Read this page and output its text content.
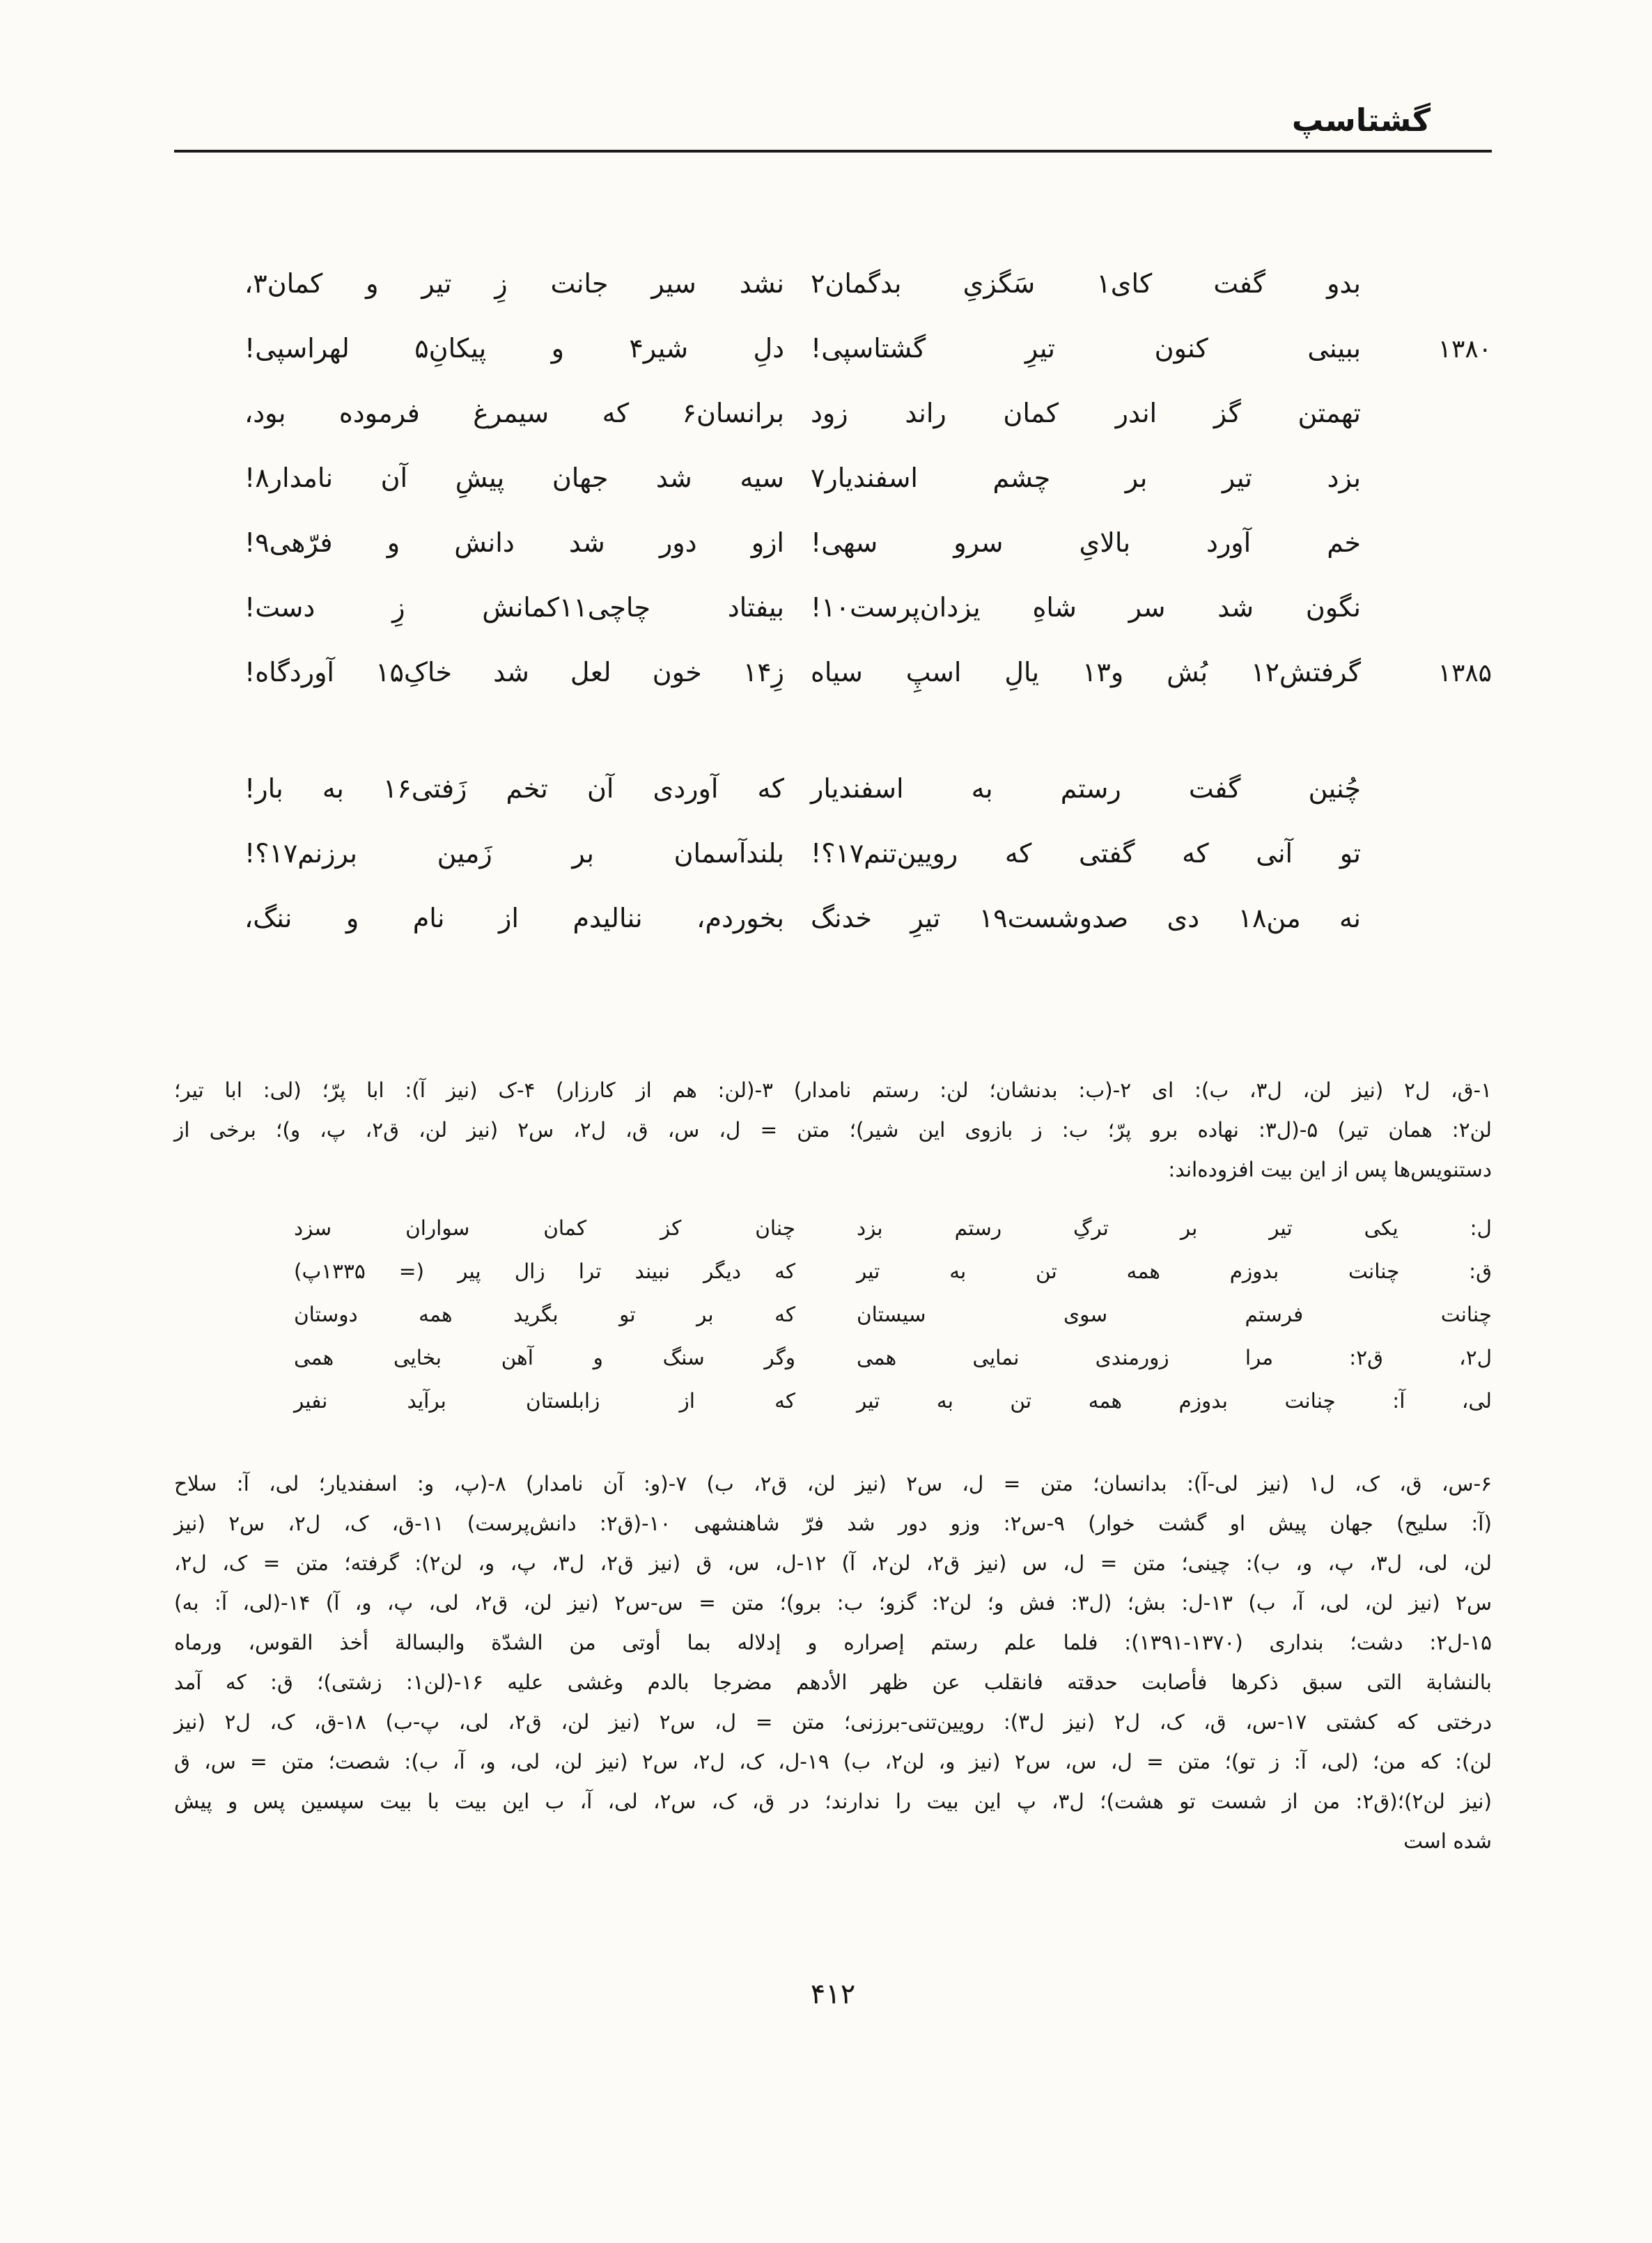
گشتاسپ
بدو گفت کای۱ سَگزیِ بدگمان۲
نشد سیر جانت زِ تیر و کمان۳،
۱۳۸۰
ببینی کنون تیرِ گشتاسپی!
دلِ شیر۴ و پیکانِ۵ لهراسپی!
تهمتن گز اندر کمان راند زود
برانسان۶ که سیمرغ فرموده بود،
بزد تیر بر چشم اسفندیار۷
سیه شد جهان پیشِ آن نامدار۸!
خم آورد بالایِ سرو سهی!
ازو دور شد دانش و فرّهی۹!
نگون شد سر شاهِ یزدان‌پرست۱۰!
بیفتاد چاچی۱۱کمانش زِ دست!
۱۳۸۵
گرفتش۱۲ بُش و۱۳ یالِ اسپِ سیاه
زِ۱۴ خون لعل شد خاکِ۱۵ آوردگاه!
چُنین گفت رستم به اسفندیار
که آوردی آن تخم زَفتی۱۶ به بار!
تو آنی که گفتی که رویین‌تنم۱۷؟!
بلندآسمان بر زَمین برزنم۱۷؟!
نه من۱۸ دی صدوشست۱۹ تیرِ خدنگ
بخوردم، ننالیدم از نام و ننگ،
۱-ق، ل۲ (نیز لن، ل۳، ب): ای ۲-(ب: بدنشان؛ لن: رستم نامدار) ۳-(لن: هم از کارزار) ۴-ک (نیز آ): ابا پرّ؛ (لی: ابا تیر؛
لن۲: همان تیر) ۵-(ل۳: نهاده برو پرّ؛ ب: ز بازوی این شیر)؛ متن = ل، س، ق، ل۲، س۲ (نیز لن، ق۲، پ، و)؛ برخی از
دستنویس‌ها پس از این بیت افزوده‌اند:
ل: یکی تیر بر ترگِ رستم بزد
چنان کز کمان سواران سزد
ق: چنانت بدوزم همه تن به تیر
که دیگر نبیند ترا زال پیر (= ۱۳۳۵پ)
چنانت فرستم سوی سیستان
که بر تو بگرید همه دوستان
ل۲، ق۲: مرا زورمندی نمایی همی
وگر سنگ و آهن بخایی همی
لی، آ: چنانت بدوزم همه تن به تیر
که از زابلستان برآید نفیر
۶-س، ق، ک، ل۱ (نیز لی-آ): بدانسان؛ متن = ل، س۲ (نیز لن، ق۲، ب) ۷-(و: آن نامدار) ۸-(پ، و: اسفندیار؛ لی، آ: سلاح
(آ: سلیح) جهان پیش او گشت خوار) ۹-س۲: وزو دور شد فرّ شاهنشهی ۱۰-(ق۲: دانش‌پرست) ۱۱-ق، ک، ل۲، س۲ (نیز
لن، لی، ل۳، پ، و، ب): چینی؛ متن = ل، س (نیز ق۲، لن۲، آ) ۱۲-ل، س، ق (نیز ق۲، ل۳، پ، و، لن۲): گرفته؛ متن = ک، ل۲،
س۲ (نیز لن، لی، آ، ب) ۱۳-ل: بش؛ (ل۳: فش و؛ لن۲: گزو؛ ب: برو)؛ متن = س-س۲ (نیز لن، ق۲، لی، پ، و، آ) ۱۴-(لی، آ: به)
۱۵-ل۲: دشت؛ بنداری (۱۳۷۰-۱۳۹۱): فلما علم رستم إصراره و إدلاله بما أوتی من الشدّة والبسالة أخذ القوس، ورماه
بالنشابة التی سبق ذکرها فأصابت حدقته فانقلب عن ظهر الأدهم مضرجا بالدم وغشی علیه ۱۶-(لن۱: زشتی)؛ ق: که آمد
درختی که کشتی ۱۷-س، ق، ک، ل۲ (نیز ل۳): رویین‌تنی-برزنی؛ متن = ل، س۲ (نیز لن، ق۲، لی، پ-ب) ۱۸-ق، ک، ل۲ (نیز
لن): که من؛ (لی، آ: ز تو)؛ متن = ل، س، س۲ (نیز و، لن۲، ب) ۱۹-ل، ک، ل۲، س۲ (نیز لن، لی، و، آ، ب): شصت؛ متن = س، ق
(نیز لن۲)؛(ق۲: من از شست تو هشت)؛ ل۳، پ این بیت را ندارند؛ در ق، ک، س۲، لی، آ، ب این بیت با بیت سپسین پس و پیش
شده است
۴۱۲
